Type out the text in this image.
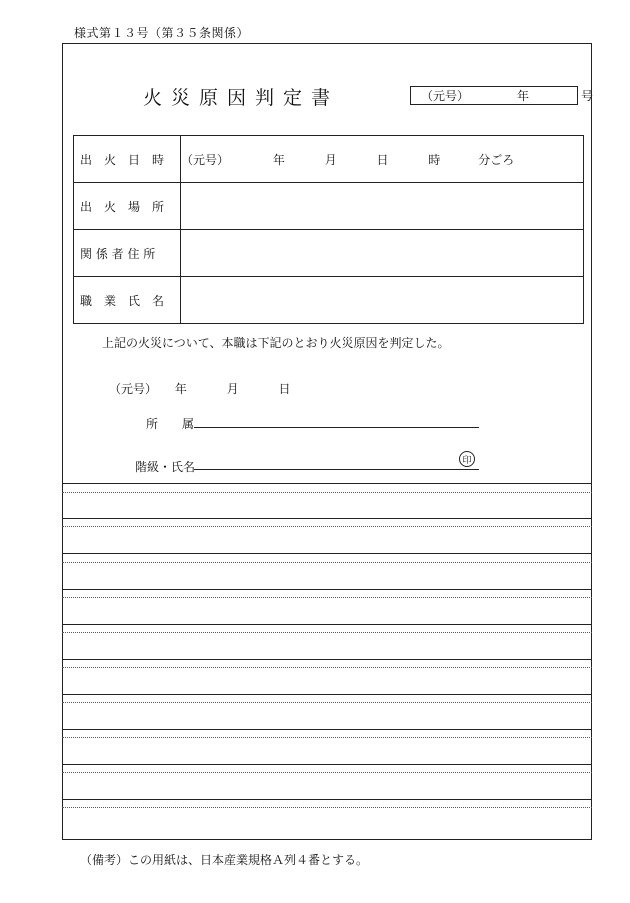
様式第１３号（第３５条関係）
火災原因判定書	（元号）	年	号
出　火　日　時	（元号） 年 月 日 時 分ごろ
出　火　場　所	
関 係 者 住 所	
職　業　氏　名	
上記の火災について、本職は下記のとおり火災原因を判定した。
（元号） 年	月	日
所　　属
階級・氏名	印
（備考）この用紙は、日本産業規格Ａ列４番とする。
